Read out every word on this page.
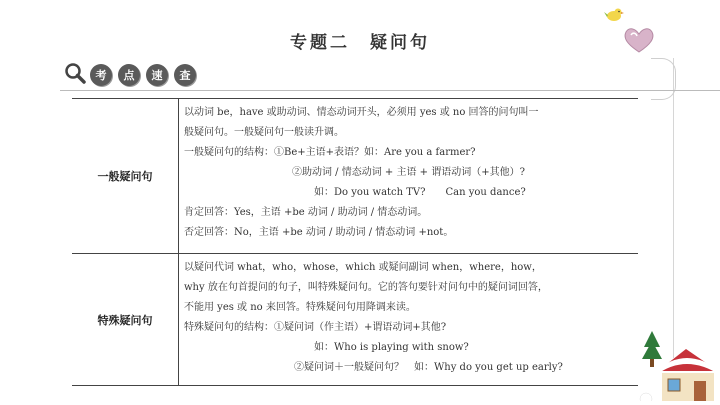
专题二　疑问句
考	点	速	查
一般疑问句
以动词 be，have 或助动词、情态动词开头，必须用 yes 或 no 回答的问句叫一
般疑问句。一般疑问句一般读升调。
一般疑问句的结构：①Be+主语+表语？如：Are you a farmer?
②助动词 / 情态动词 + 主语 + 谓语动词（+其他）?
如：Do you watch TV?　　Can you dance?
肯定回答：Yes，主语 +be 动词 / 助动词 / 情态动词。
否定回答：No，主语 +be 动词 / 助动词 / 情态动词 +not。
特殊疑问句
以疑问代词 what，who，whose，which 或疑问副词 when，where，how，
why 放在句首提问的句子，叫特殊疑问句。它的答句要针对问句中的疑问词回答，
不能用 yes 或 no 来回答。特殊疑问句用降调来读。
特殊疑问句的结构：①疑问词（作主语）+谓语动词+其他?
如：Who is playing with snow?
②疑问词＋一般疑问句？　如：Why do you get up early?
